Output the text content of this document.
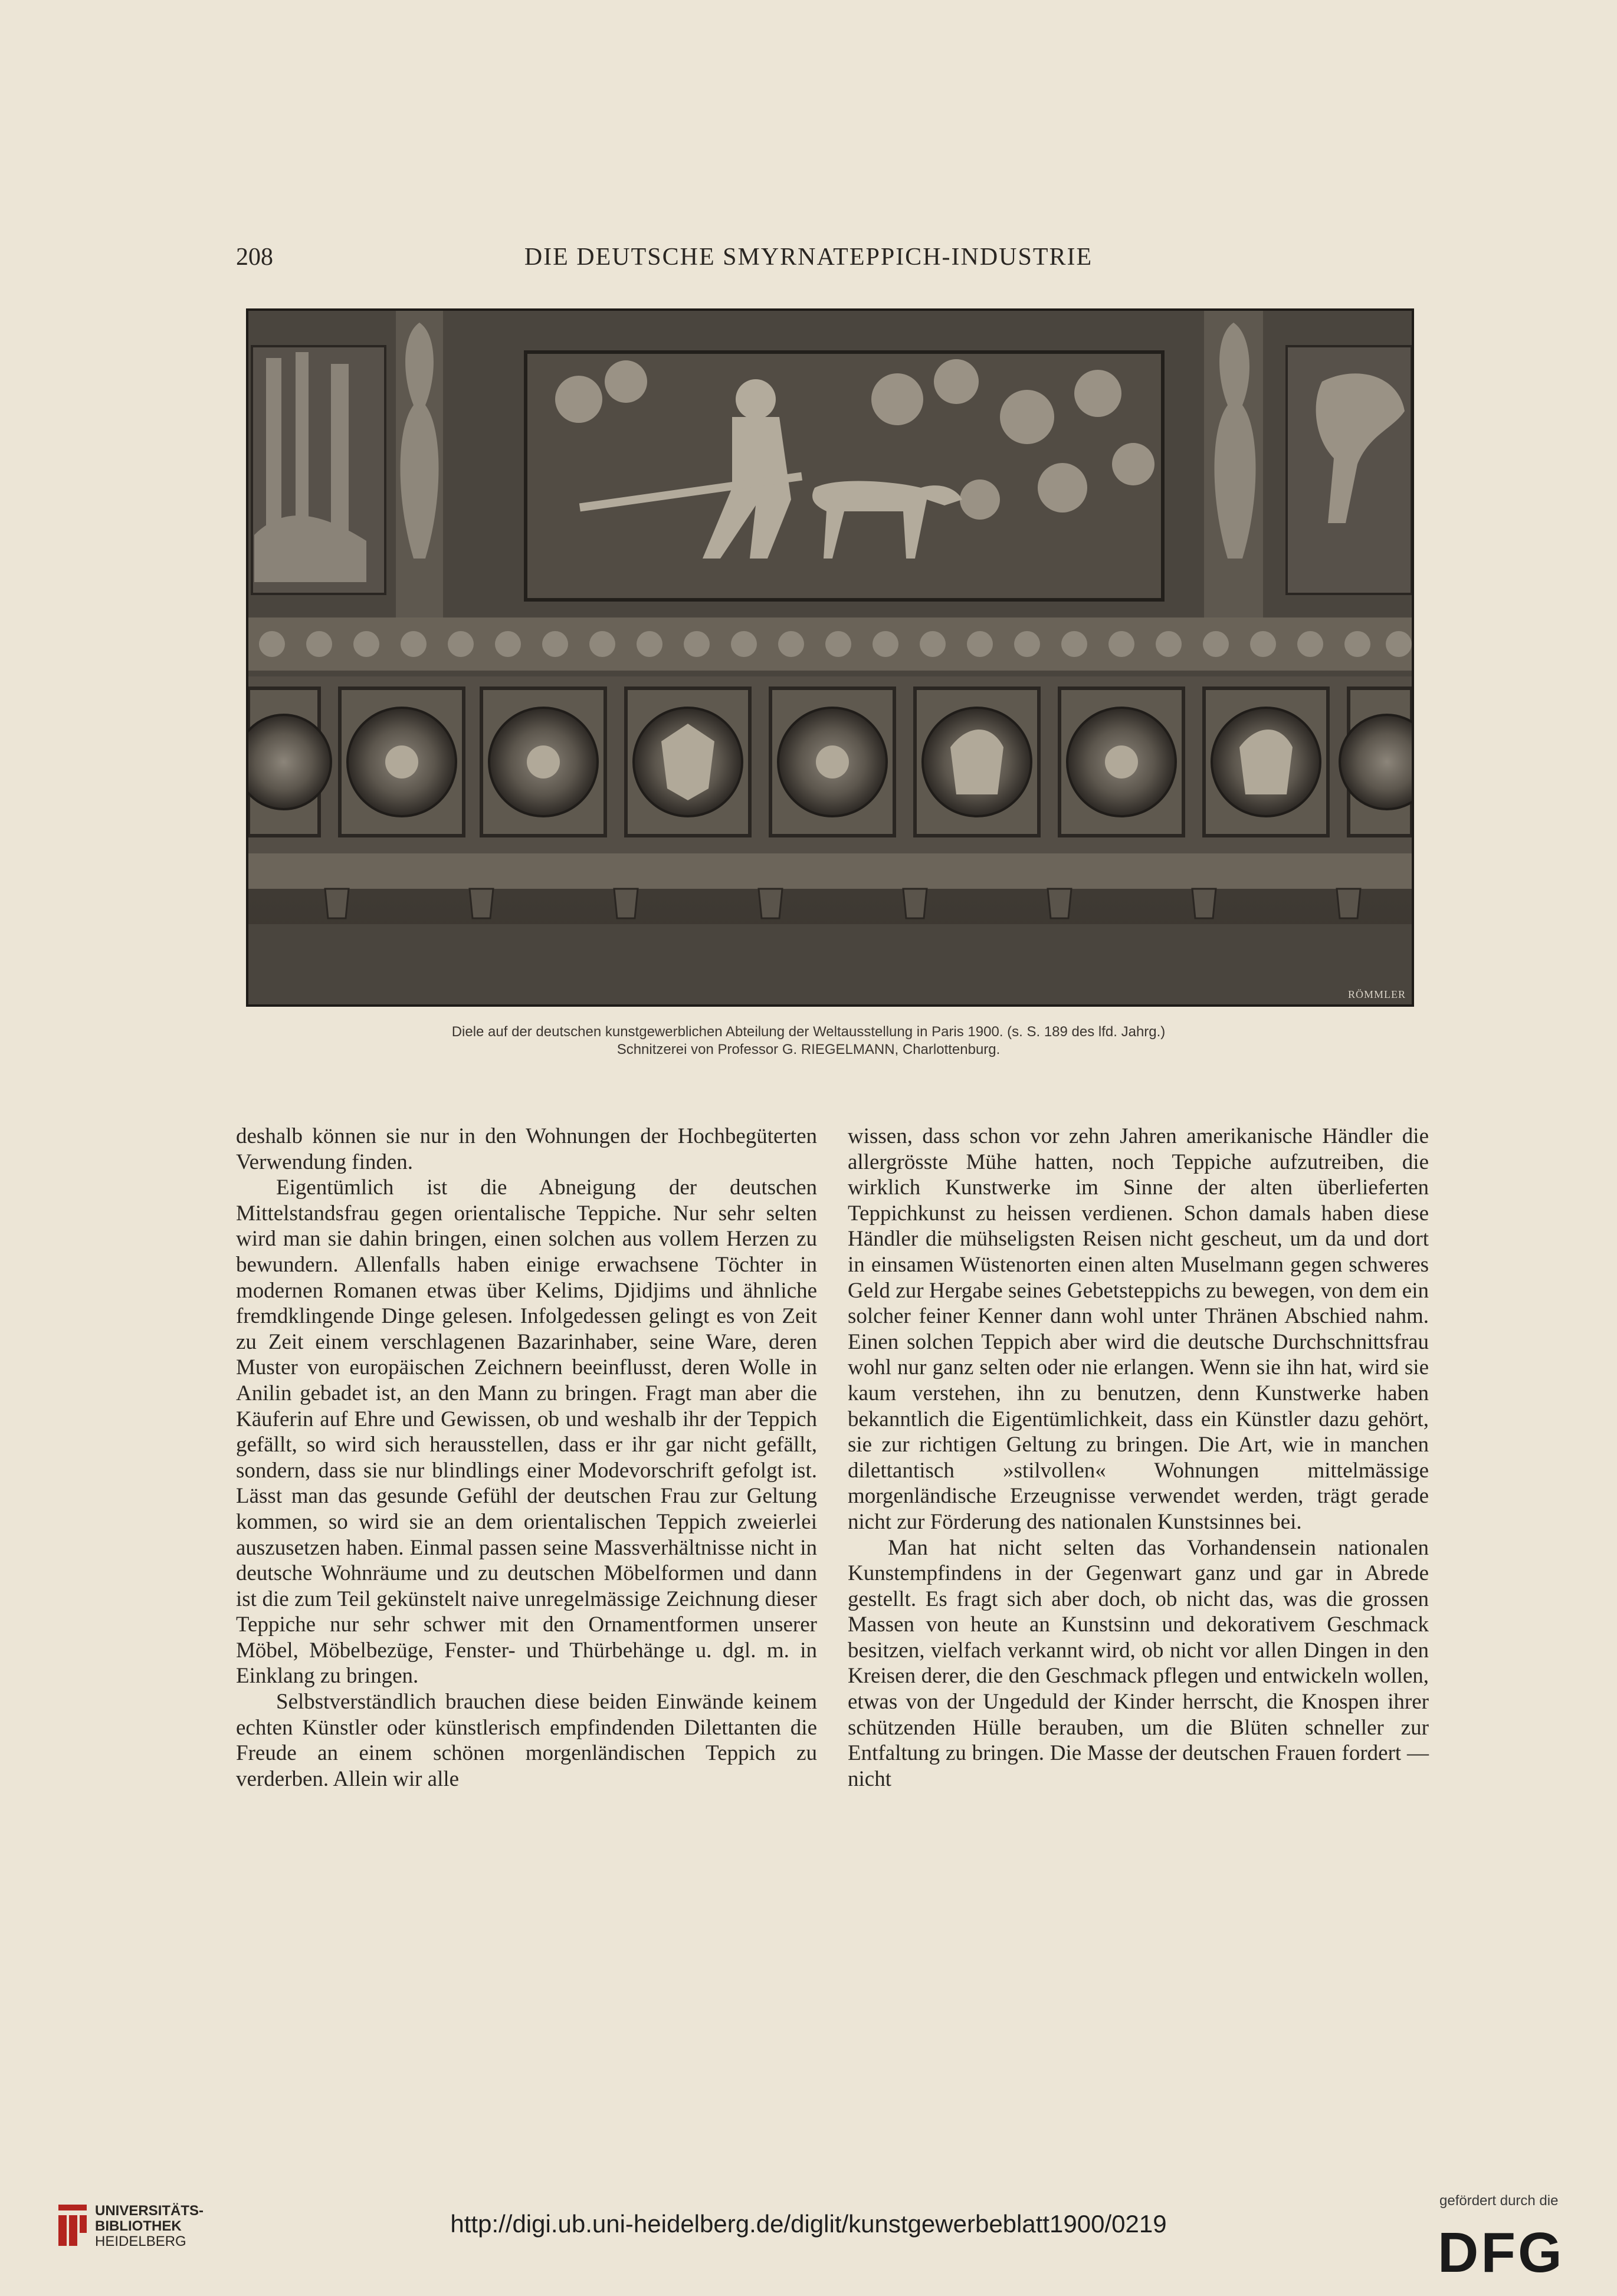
208	DIE DEUTSCHE SMYRNATEPPICH-INDUSTRIE
RÖMMLER
Diele auf der deutschen kunstgewerblichen Abteilung der Weltausstellung in Paris 1900. (s. S. 189 des lfd. Jahrg.)
Schnitzerei von Professor G. RIEGELMANN, Charlottenburg.

deshalb können sie nur in den Wohnungen der Hochbegüterten Verwendung finden.

Eigentümlich ist die Abneigung der deutschen Mittelstandsfrau gegen orientalische Teppiche. Nur sehr selten wird man sie dahin bringen, einen solchen aus vollem Herzen zu bewundern. Allenfalls haben einige erwachsene Töchter in modernen Romanen etwas über Kelims, Djidjims und ähnliche fremdklingende Dinge gelesen. Infolgedessen gelingt es von Zeit zu Zeit einem verschlagenen Bazarinhaber, seine Ware, deren Muster von europäischen Zeichnern beeinflusst, deren Wolle in Anilin gebadet ist, an den Mann zu bringen. Fragt man aber die Käuferin auf Ehre und Gewissen, ob und weshalb ihr der Teppich gefällt, so wird sich herausstellen, dass er ihr gar nicht gefällt, sondern, dass sie nur blindlings einer Modevorschrift gefolgt ist. Lässt man das gesunde Gefühl der deutschen Frau zur Geltung kommen, so wird sie an dem orientalischen Teppich zweierlei auszusetzen haben. Einmal passen seine Massverhältnisse nicht in deutsche Wohnräume und zu deutschen Möbelformen und dann ist die zum Teil gekünstelt naive unregelmässige Zeichnung dieser Teppiche nur sehr schwer mit den Ornamentformen unserer Möbel, Möbelbezüge, Fenster- und Thürbehänge u. dgl. m. in Einklang zu bringen.

Selbstverständlich brauchen diese beiden Einwände keinem echten Künstler oder künstlerisch empfindenden Dilettanten die Freude an einem schönen morgenländischen Teppich zu verderben. Allein wir alle

wissen, dass schon vor zehn Jahren amerikanische Händler die allergrösste Mühe hatten, noch Teppiche aufzutreiben, die wirklich Kunstwerke im Sinne der alten überlieferten Teppichkunst zu heissen verdienen. Schon damals haben diese Händler die mühseligsten Reisen nicht gescheut, um da und dort in einsamen Wüstenorten einen alten Muselmann gegen schweres Geld zur Hergabe seines Gebetsteppichs zu bewegen, von dem ein solcher feiner Kenner dann wohl unter Thränen Abschied nahm. Einen solchen Teppich aber wird die deutsche Durchschnittsfrau wohl nur ganz selten oder nie erlangen. Wenn sie ihn hat, wird sie kaum verstehen, ihn zu benutzen, denn Kunstwerke haben bekanntlich die Eigentümlichkeit, dass ein Künstler dazu gehört, sie zur richtigen Geltung zu bringen. Die Art, wie in manchen dilettantisch »stilvollen« Wohnungen mittelmässige morgenländische Erzeugnisse verwendet werden, trägt gerade nicht zur Förderung des nationalen Kunstsinnes bei.

Man hat nicht selten das Vorhandensein nationalen Kunstempfindens in der Gegenwart ganz und gar in Abrede gestellt. Es fragt sich aber doch, ob nicht das, was die grossen Massen von heute an Kunstsinn und dekorativem Geschmack besitzen, vielfach verkannt wird, ob nicht vor allen Dingen in den Kreisen derer, die den Geschmack pflegen und entwickeln wollen, etwas von der Ungeduld der Kinder herrscht, die Knospen ihrer schützenden Hülle berauben, um die Blüten schneller zur Entfaltung zu bringen. Die Masse der deutschen Frauen fordert — nicht

UNIVERSITÄTS-
BIBLIOTHEK
HEIDELBERG
http://digi.ub.uni-heidelberg.de/diglit/kunstgewerbeblatt1900/0219
gefördert durch die
DFG
